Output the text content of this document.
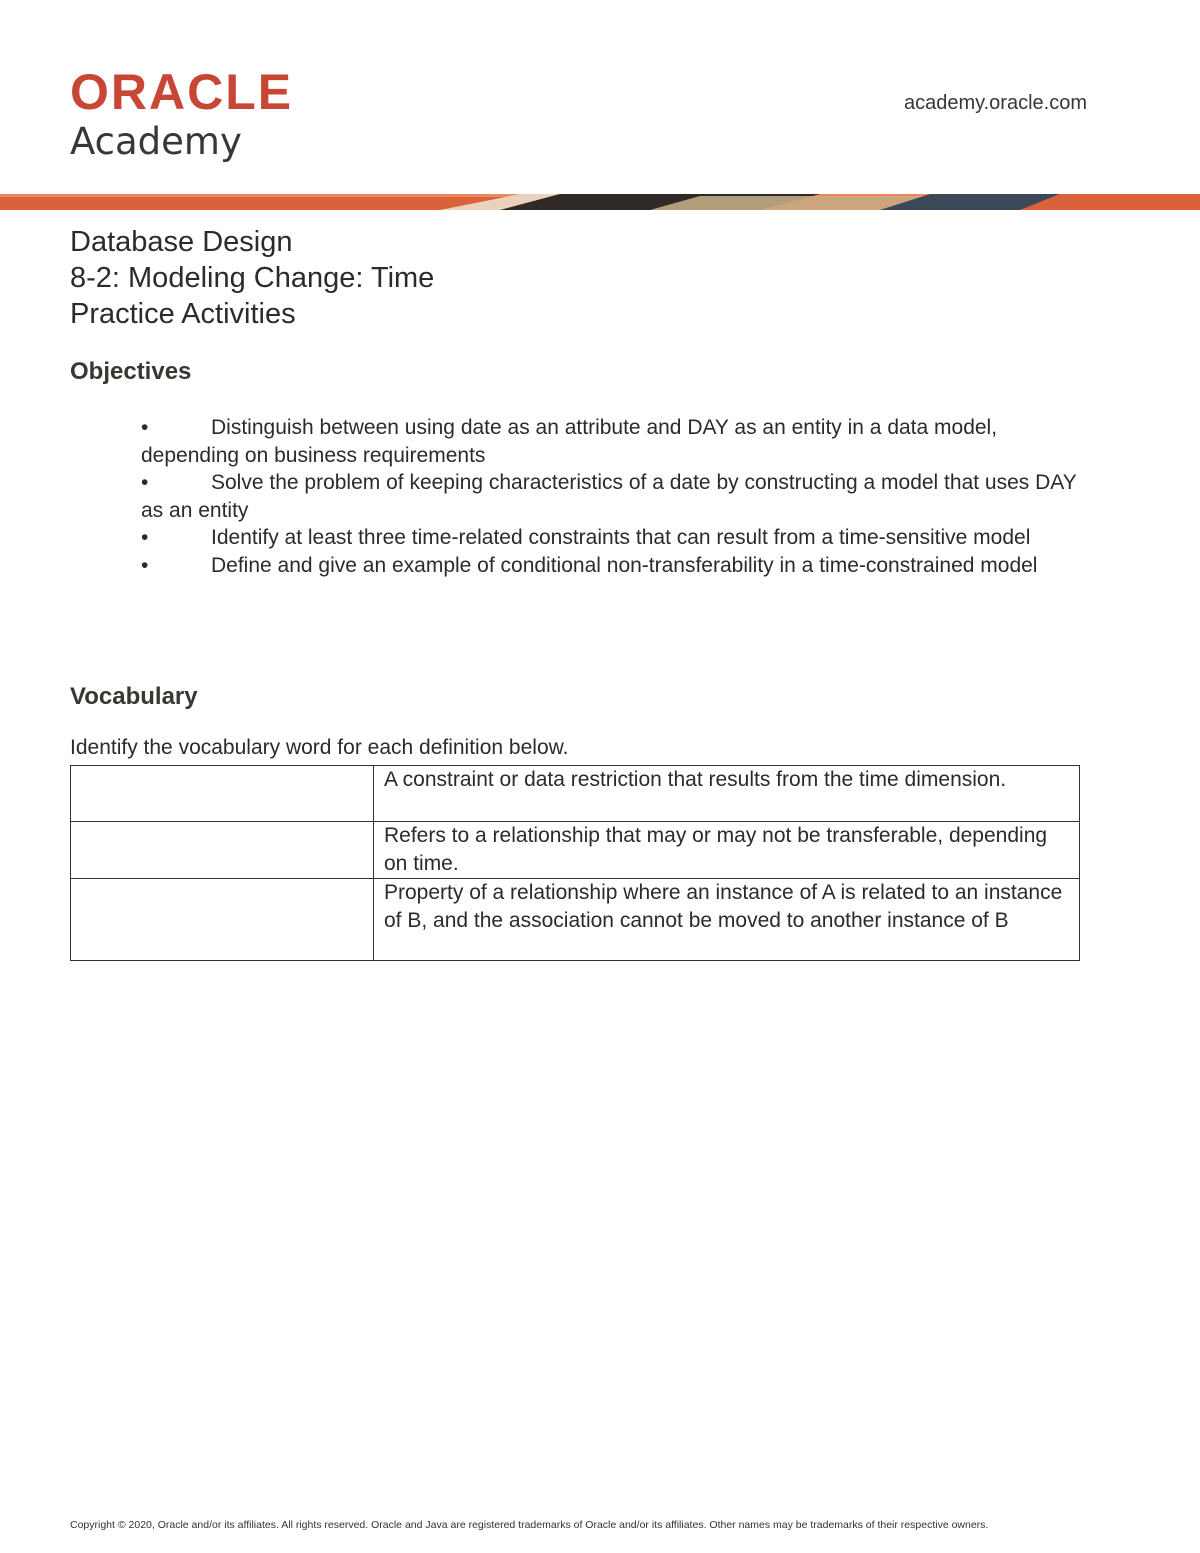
ORACLE
Academy
academy.oracle.com
Database Design
8-2: Modeling Change: Time
Practice Activities
Objectives
•	Distinguish between using date as an attribute and DAY as an entity in a data model, depending on business requirements
•	Solve the problem of keeping characteristics of a date by constructing a model that uses DAY as an entity
•	Identify at least three time-related constraints that can result from a time-sensitive model
•	Define and give an example of conditional non-transferability in a time-constrained model
Vocabulary
Identify the vocabulary word for each definition below.
	A constraint or data restriction that results from the time dimension.
	Refers to a relationship that may or may not be transferable, depending on time.
	Property of a relationship where an instance of A is related to an instance of B, and the association cannot be moved to another instance of B
Copyright © 2020, Oracle and/or its affiliates. All rights reserved. Oracle and Java are registered trademarks of Oracle and/or its affiliates. Other names may be trademarks of their respective owners.
